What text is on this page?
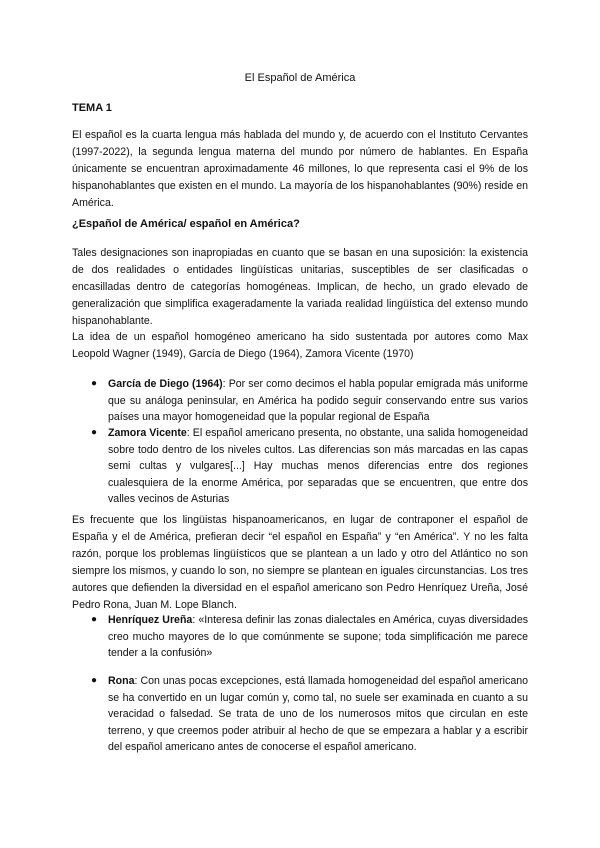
El Español de América
TEMA 1

El español es la cuarta lengua más hablada del mundo y, de acuerdo con el Instituto Cervantes (1997-2022), la segunda lengua materna del mundo por número de hablantes. En España únicamente se encuentran aproximadamente 46 millones, lo que representa casi el 9% de los hispanohablantes que existen en el mundo. La mayoría de los hispanohablantes (90%) reside en América.

¿Español de América/ español en América?

Tales designaciones son inapropiadas en cuanto que se basan en una suposición: la existencia de dos realidades o entidades lingüísticas unitarias, susceptibles de ser clasificadas o encasilladas dentro de categorías homogéneas. Implican, de hecho, un grado elevado de generalización que simplifica exageradamente la variada realidad lingüística del extenso mundo hispanohablante.

La idea de un español homogéneo americano ha sido sustentada por autores como Max Leopold Wagner (1949), García de Diego (1964), Zamora Vicente (1970)

● García de Diego (1964): Por ser como decimos el habla popular emigrada más uniforme que su análoga peninsular, en América ha podido seguir conservando entre sus varios países una mayor homogeneidad que la popular regional de España
● Zamora Vicente: El español americano presenta, no obstante, una salida homogeneidad sobre todo dentro de los niveles cultos. Las diferencias son más marcadas en las capas semi cultas y vulgares[...] Hay muchas menos diferencias entre dos regiones cualesquiera de la enorme América, por separadas que se encuentren, que entre dos valles vecinos de Asturias

Es frecuente que los lingüistas hispanoamericanos, en lugar de contraponer el español de España y el de América, prefieran decir “el español en España” y “en América”. Y no les falta razón, porque los problemas lingüísticos que se plantean a un lado y otro del Atlántico no son siempre los mismos, y cuando lo son, no siempre se plantean en iguales circunstancias. Los tres autores que defienden la diversidad en el español americano son Pedro Henríquez Ureña, José Pedro Rona, Juan M. Lope Blanch.

● Henríquez Ureña: «Interesa definir las zonas dialectales en América, cuyas diversidades creo mucho mayores de lo que comúnmente se supone; toda simplificación me parece tender a la confusión»
● Rona: Con unas pocas excepciones, está llamada homogeneidad del español americano se ha convertido en un lugar común y, como tal, no suele ser examinada en cuanto a su veracidad o falsedad. Se trata de uno de los numerosos mitos que circulan en este terreno, y que creemos poder atribuir al hecho de que se empezara a hablar y a escribir del español americano antes de conocerse el español americano.
